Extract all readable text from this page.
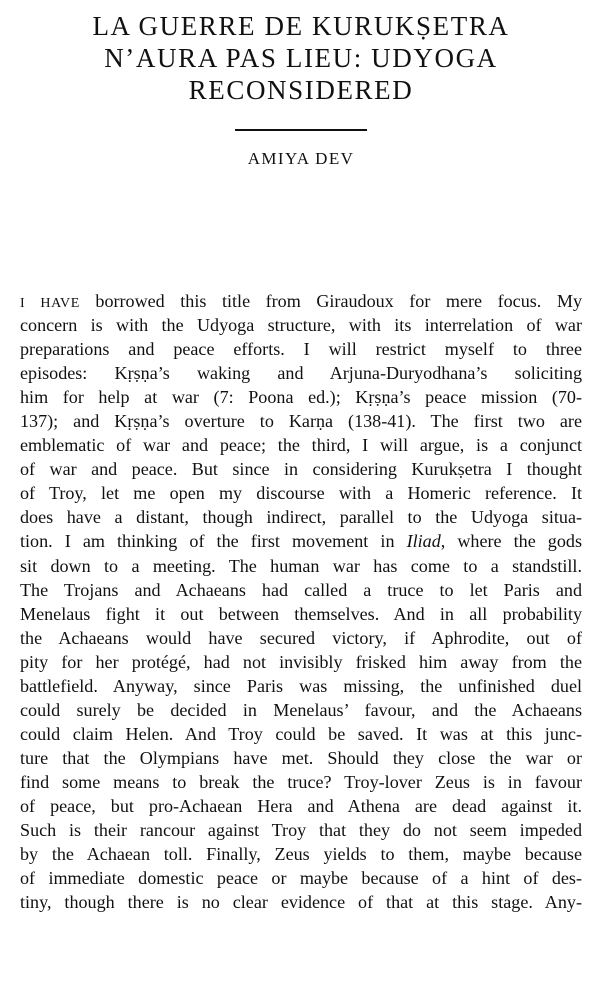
LA GUERRE DE KURUKṢETRA
N’AURA PAS LIEU: UDYOGA
RECONSIDERED
AMIYA DEV
I HAVE borrowed this title from Giraudoux for mere focus. My
concern is with the Udyoga structure, with its interrelation of war
preparations and peace efforts. I will restrict myself to three
episodes: Kṛṣṇa’s waking and Arjuna-Duryodhana’s soliciting
him for help at war (7: Poona ed.); Kṛṣṇa’s peace mission (70-
137); and Kṛṣṇa’s overture to Karṇa (138-41). The first two are
emblematic of war and peace; the third, I will argue, is a conjunct
of war and peace. But since in considering Kurukṣetra I thought
of Troy, let me open my discourse with a Homeric reference. It
does have a distant, though indirect, parallel to the Udyoga situa-
tion. I am thinking of the first movement in Iliad, where the gods
sit down to a meeting. The human war has come to a standstill.
The Trojans and Achaeans had called a truce to let Paris and
Menelaus fight it out between themselves. And in all probability
the Achaeans would have secured victory, if Aphrodite, out of
pity for her protégé, had not invisibly frisked him away from the
battlefield. Anyway, since Paris was missing, the unfinished duel
could surely be decided in Menelaus’ favour, and the Achaeans
could claim Helen. And Troy could be saved. It was at this junc-
ture that the Olympians have met. Should they close the war or
find some means to break the truce? Troy-lover Zeus is in favour
of peace, but pro-Achaean Hera and Athena are dead against it.
Such is their rancour against Troy that they do not seem impeded
by the Achaean toll. Finally, Zeus yields to them, maybe because
of immediate domestic peace or maybe because of a hint of des-
tiny, though there is no clear evidence of that at this stage. Any-
